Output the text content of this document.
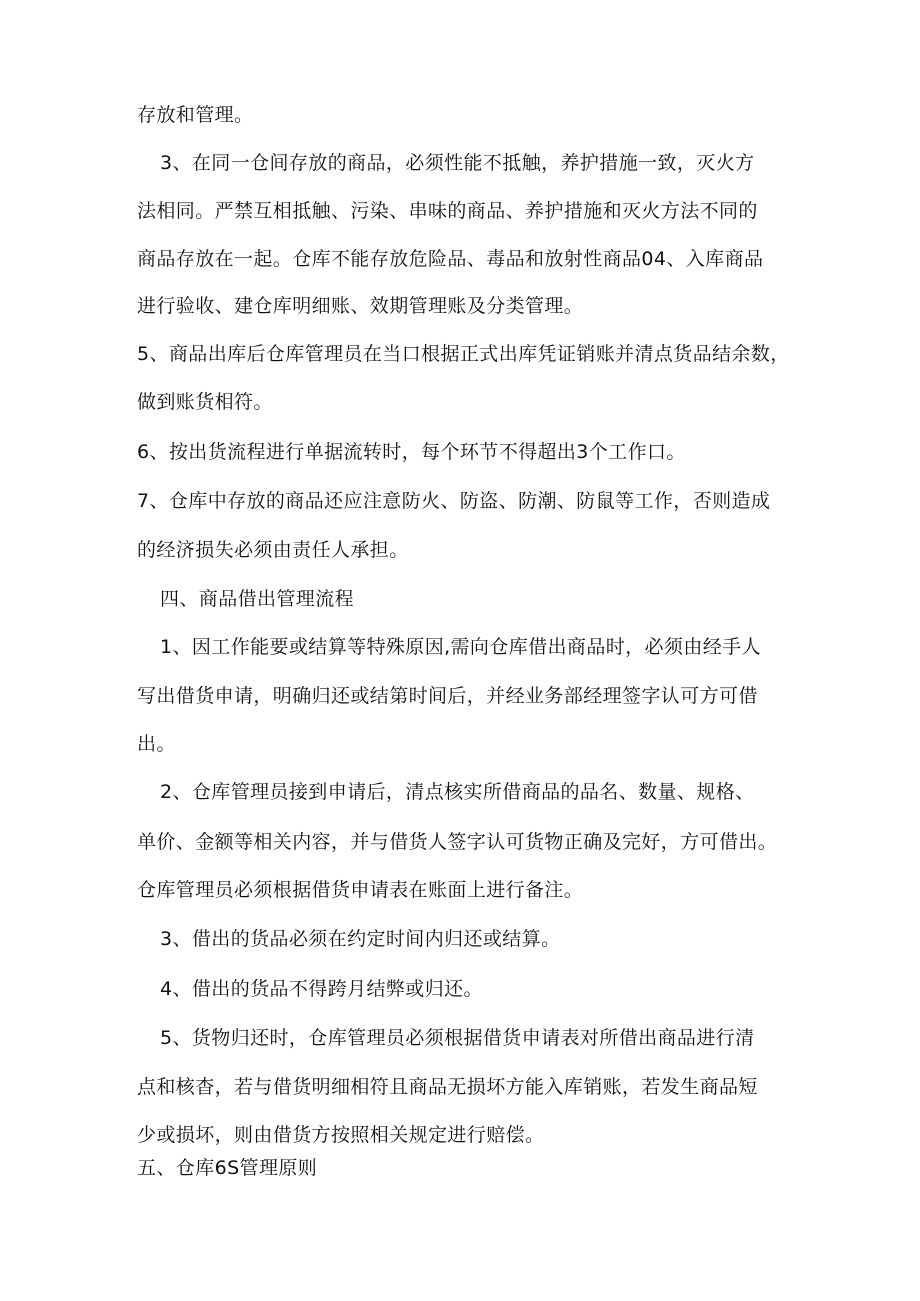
存放和管理。
3、在同一仓间存放的商品，必须性能不抵触，养护措施一致，灭火方
法相同。严禁互相抵触、污染、串味的商品、养护措施和灭火方法不同的
商品存放在一起。仓库不能存放危险品、毒品和放射性商品04、入库商品
进行验收、建仓库明细账、效期管理账及分类管理。
5、商品出库后仓库管理员在当口根据正式出库凭证销账并清点货品结余数，
做到账货相符。
6、按出货流程进行单据流转时，每个环节不得超出3个工作口。
7、仓库中存放的商品还应注意防火、防盗、防潮、防鼠等工作，否则造成
的经济损失必须由责任人承担。
四、商品借出管理流程
1、因工作能要或结算等特殊原因,需向仓库借出商品时，必须由经手人
写出借货申请，明确归还或结第时间后，并经业务部经理签字认可方可借
出。
2、仓库管理员接到申请后，清点核实所借商品的品名、数量、规格、
单价、金额等相关内容，并与借货人签字认可货物正确及完好，方可借出。
仓库管理员必须根据借货申请表在账面上进行备注。
3、借出的货品必须在约定时间内归还或结算。
4、借出的货品不得跨月结弊或归还。
5、货物归还时，仓库管理员必须根据借货申请表对所借出商品进行清
点和核杳，若与借货明细相符且商品无损坏方能入库销账，若发生商品短
少或损坏，则由借货方按照相关规定进行赔偿。
五、仓库6S管理原则
